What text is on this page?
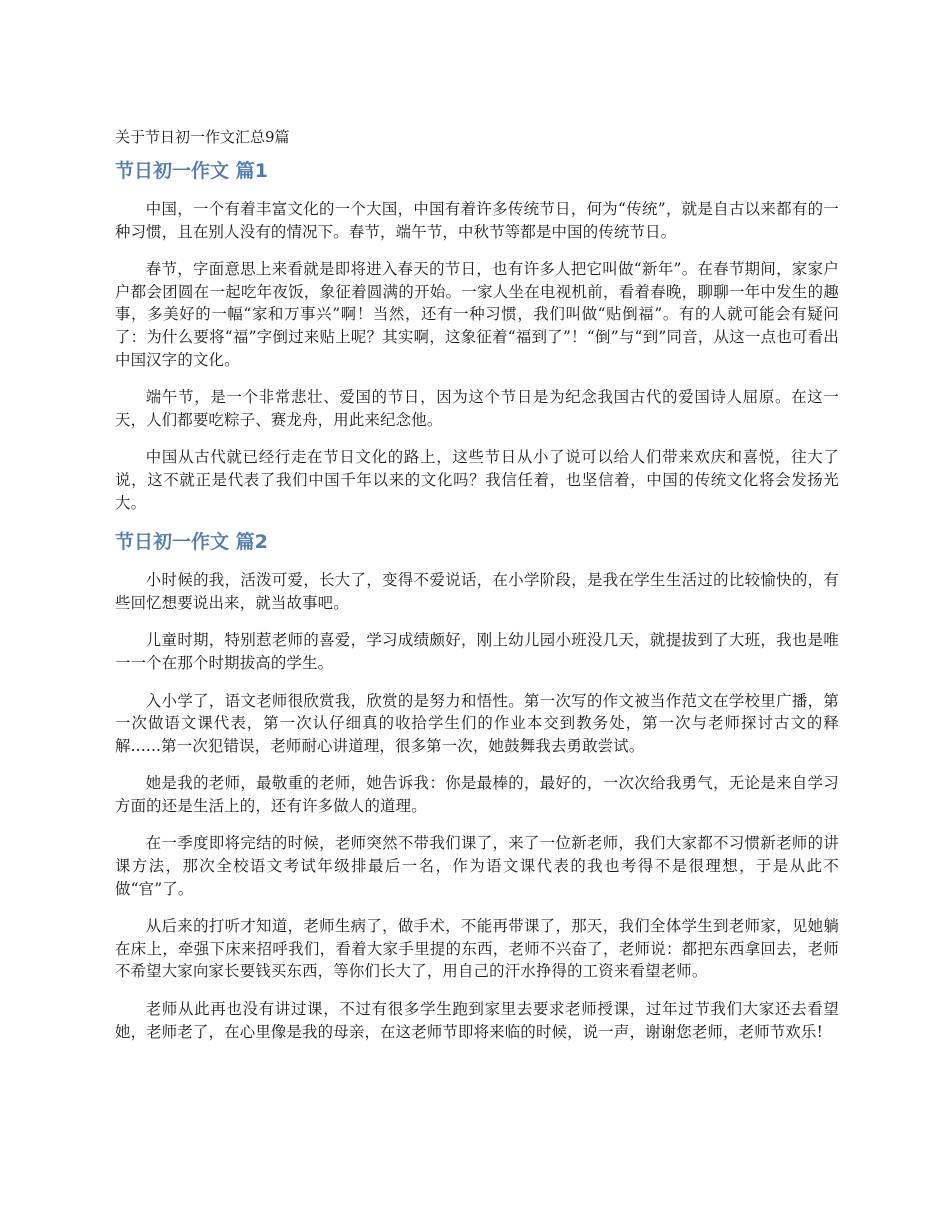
关于节日初一作文汇总9篇
节日初一作文 篇1

中国，一个有着丰富文化的一个大国，中国有着许多传统节日，何为“传统”，就是自古以来都有的一种习惯，且在别人没有的情况下。春节，端午节，中秋节等都是中国的传统节日。

春节，字面意思上来看就是即将进入春天的节日，也有许多人把它叫做“新年”。在春节期间，家家户户都会团圆在一起吃年夜饭，象征着圆满的开始。一家人坐在电视机前，看着春晚，聊聊一年中发生的趣事，多美好的一幅“家和万事兴”啊！当然，还有一种习惯，我们叫做“贴倒福”。有的人就可能会有疑问了：为什么要将“福”字倒过来贴上呢？其实啊，这象征着“福到了”！“倒”与“到”同音，从这一点也可看出中国汉字的文化。

端午节，是一个非常悲壮、爱国的节日，因为这个节日是为纪念我国古代的爱国诗人屈原。在这一天，人们都要吃粽子、赛龙舟，用此来纪念他。

中国从古代就已经行走在节日文化的路上，这些节日从小了说可以给人们带来欢庆和喜悦，往大了说，这不就正是代表了我们中国千年以来的文化吗？我信任着，也坚信着，中国的传统文化将会发扬光大。

节日初一作文 篇2

小时候的我，活泼可爱，长大了，变得不爱说话，在小学阶段，是我在学生生活过的比较愉快的，有些回忆想要说出来，就当故事吧。

儿童时期，特别惹老师的喜爱，学习成绩颇好，刚上幼儿园小班没几天，就提拔到了大班，我也是唯一一个在那个时期拔高的学生。

入小学了，语文老师很欣赏我，欣赏的是努力和悟性。第一次写的作文被当作范文在学校里广播，第一次做语文课代表，第一次认仔细真的收拾学生们的作业本交到教务处，第一次与老师探讨古文的释解......第一次犯错误，老师耐心讲道理，很多第一次，她鼓舞我去勇敢尝试。

她是我的老师，最敬重的老师，她告诉我：你是最棒的，最好的，一次次给我勇气，无论是来自学习方面的还是生活上的，还有许多做人的道理。

在一季度即将完结的时候，老师突然不带我们课了，来了一位新老师，我们大家都不习惯新老师的讲课方法，那次全校语文考试年级排最后一名，作为语文课代表的我也考得不是很理想，于是从此不做“官”了。

从后来的打听才知道，老师生病了，做手术，不能再带课了，那天，我们全体学生到老师家，见她躺在床上，牵强下床来招呼我们，看着大家手里提的东西，老师不兴奋了，老师说：都把东西拿回去，老师不希望大家向家长要钱买东西，等你们长大了，用自己的汗水挣得的工资来看望老师。

老师从此再也没有讲过课，不过有很多学生跑到家里去要求老师授课，过年过节我们大家还去看望她，老师老了，在心里像是我的母亲，在这老师节即将来临的时候，说一声，谢谢您老师，老师节欢乐!
